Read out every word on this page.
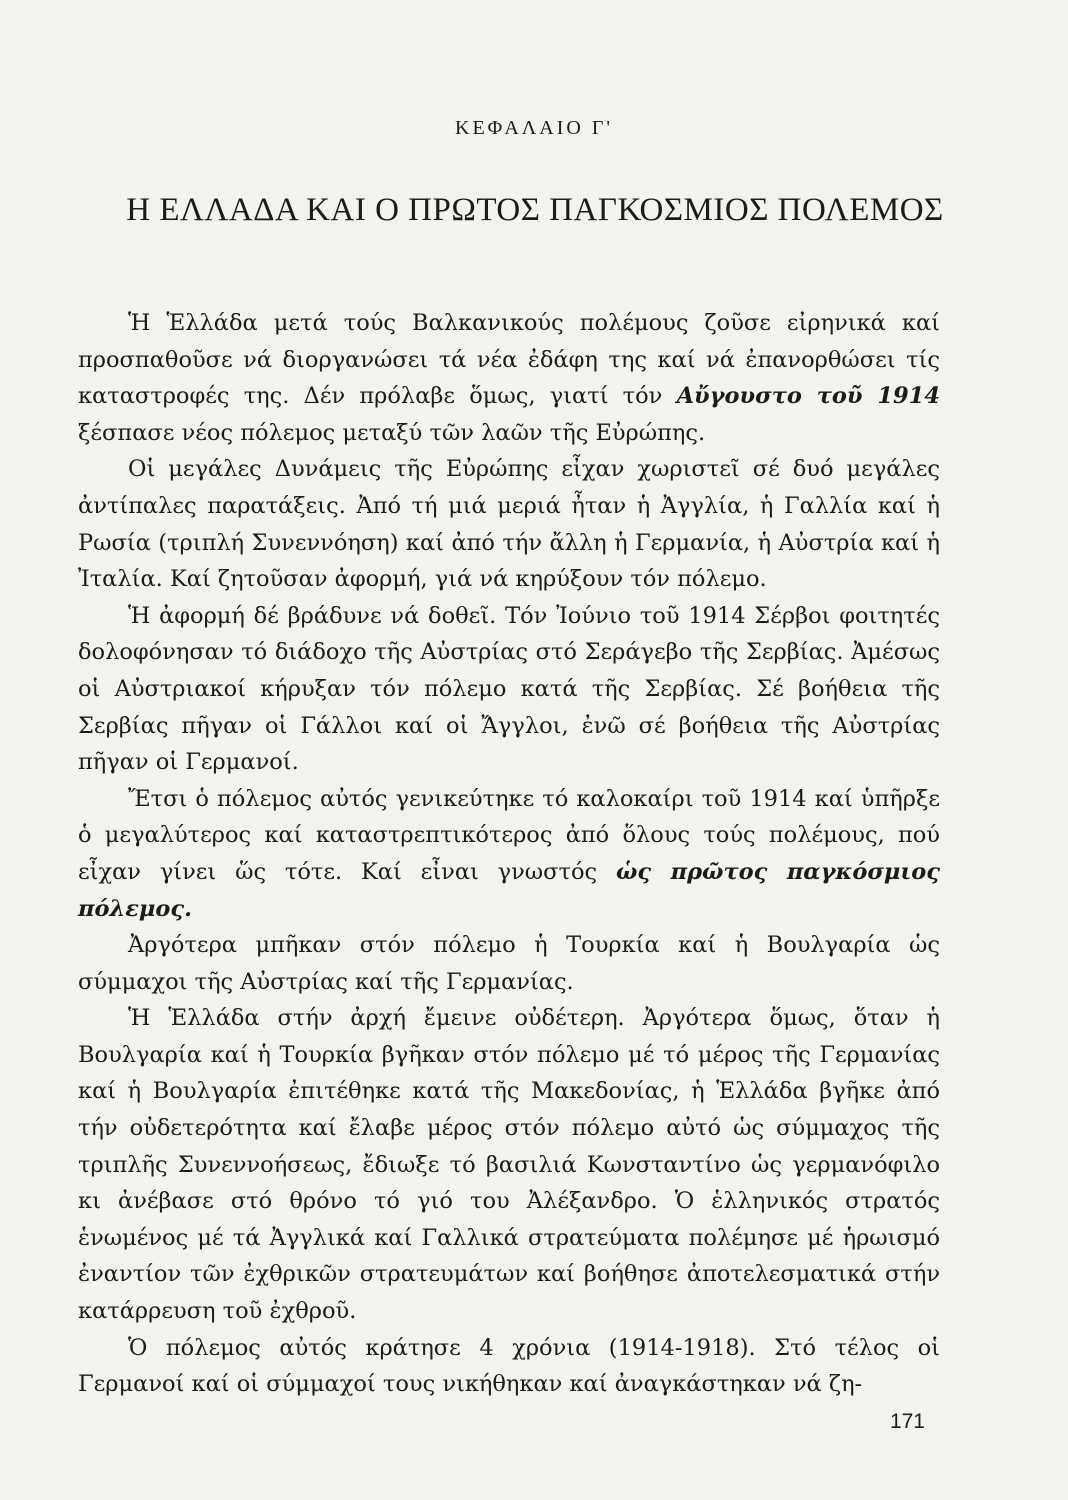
ΚΕΦΑΛΑΙΟ Γ'
Η ΕΛΛΑΔΑ ΚΑΙ Ο ΠΡΩΤΟΣ ΠΑΓΚΟΣΜΙΟΣ ΠΟΛΕΜΟΣ

Ἡ Ἑλλάδα μετά τούς Βαλκανικούς πολέμους ζοῦσε εἰρηνικά καί προσπαθοῦσε νά διοργανώσει τά νέα ἐδάφη της καί νά ἐπανορθώσει τίς καταστροφές της. Δέν πρόλαβε ὅμως, γιατί τόν Αὔγουστο τοῦ 1914 ξέσπασε νέος πόλεμος μεταξύ τῶν λαῶν τῆς Εὐρώπης.

Οἱ μεγάλες Δυνάμεις τῆς Εὐρώπης εἶχαν χωριστεῖ σέ δυό μεγάλες ἀντίπαλες παρατάξεις. Ἀπό τή μιά μεριά ἦταν ἡ Ἀγγλία, ἡ Γαλλία καί ἡ Ρωσία (τριπλή Συνεννόηση) καί ἀπό τήν ἄλλη ἡ Γερμανία, ἡ Αὐστρία καί ἡ Ἰταλία. Καί ζητοῦσαν ἀφορμή, γιά νά κηρύξουν τόν πόλεμο.

Ἡ ἀφορμή δέ βράδυνε νά δοθεῖ. Τόν Ἰούνιο τοῦ 1914 Σέρβοι φοιτητές δολοφόνησαν τό διάδοχο τῆς Αὐστρίας στό Σεράγεβο τῆς Σερβίας. Ἀμέσως οἱ Αὐστριακοί κήρυξαν τόν πόλεμο κατά τῆς Σερβίας. Σέ βοήθεια τῆς Σερβίας πῆγαν οἱ Γάλλοι καί οἱ Ἄγγλοι, ἐνῶ σέ βοήθεια τῆς Αὐστρίας πῆγαν οἱ Γερμανοί.

Ἔτσι ὁ πόλεμος αὐτός γενικεύτηκε τό καλοκαίρι τοῦ 1914 καί ὑπῆρξε ὁ μεγαλύτερος καί καταστρεπτικότερος ἀπό ὅλους τούς πολέμους, πού εἶχαν γίνει ὥς τότε. Καί εἶναι γνωστός ὡς πρῶτος παγκόσμιος πόλεμος.

Ἀργότερα μπῆκαν στόν πόλεμο ἡ Τουρκία καί ἡ Βουλγαρία ὡς σύμμαχοι τῆς Αὐστρίας καί τῆς Γερμανίας.

Ἡ Ἑλλάδα στήν ἀρχή ἔμεινε οὐδέτερη. Ἀργότερα ὅμως, ὅταν ἡ Βουλγαρία καί ἡ Τουρκία βγῆκαν στόν πόλεμο μέ τό μέρος τῆς Γερμανίας καί ἡ Βουλγαρία ἐπιτέθηκε κατά τῆς Μακεδονίας, ἡ Ἑλλάδα βγῆκε ἀπό τήν οὐδετερότητα καί ἔλαβε μέρος στόν πόλεμο αὐτό ὡς σύμμαχος τῆς τριπλῆς Συνεννοήσεως, ἔδιωξε τό βασιλιά Κωνσταντίνο ὡς γερμανόφιλο κι ἀνέβασε στό θρόνο τό γιό του Ἀλέξανδρο. Ὁ ἑλληνικός στρατός ἑνωμένος μέ τά Ἀγγλικά καί Γαλλικά στρατεύματα πολέμησε μέ ἡρωισμό ἐναντίον τῶν ἐχθρικῶν στρατευμάτων καί βοήθησε ἀποτελεσματικά στήν κατάρρευση τοῦ ἐχθροῦ.

Ὁ πόλεμος αὐτός κράτησε 4 χρόνια (1914-1918). Στό τέλος οἱ Γερμανοί καί οἱ σύμμαχοί τους νικήθηκαν καί ἀναγκάστηκαν νά ζη-

171
